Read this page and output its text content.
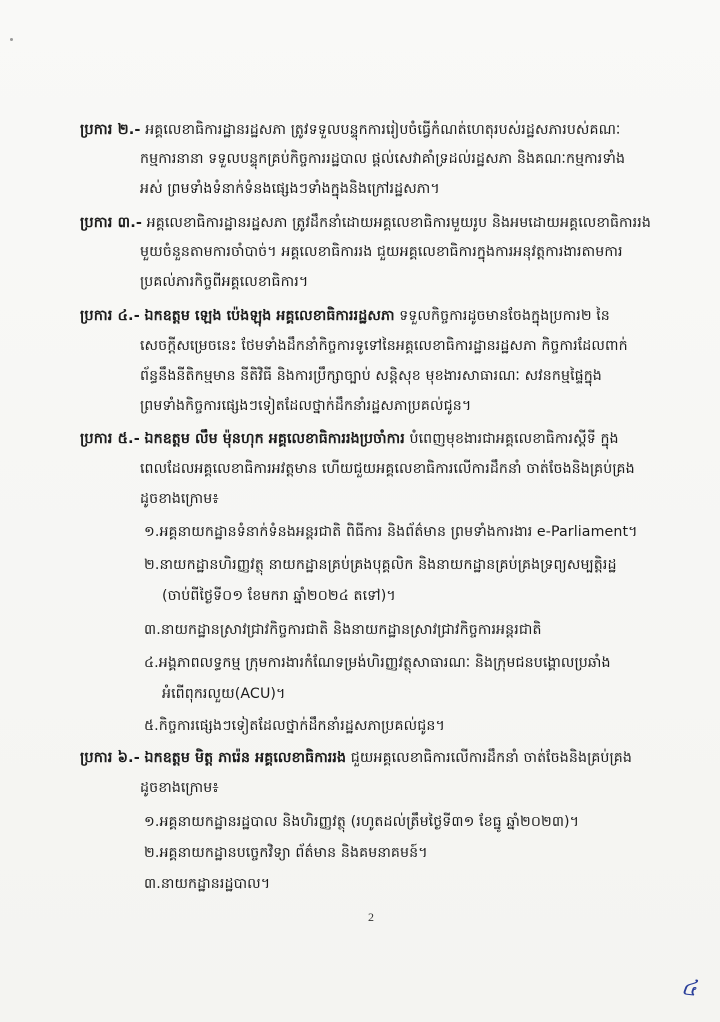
ប្រការ ២.- អគ្គលេខាធិការដ្ឋានរដ្ឋសភា ត្រូវទទួលបន្ទុកការរៀបចំធ្វើកំណត់ហេតុរបស់រដ្ឋសភារបស់គណៈ
កម្មការនានា ទទួលបន្ទុកគ្រប់កិច្ចការរដ្ឋបាល ផ្តល់សេវាគាំទ្រដល់រដ្ឋសភា និងគណៈកម្មការទាំង
អស់ ព្រមទាំងទំនាក់ទំនងផ្សេងៗទាំងក្នុងនិងក្រៅរដ្ឋសភា។
ប្រការ ៣.- អគ្គលេខាធិការដ្ឋានរដ្ឋសភា ត្រូវដឹកនាំដោយអគ្គលេខាធិការមួយរូប និងអមដោយអគ្គលេខាធិការរង
មួយចំនួនតាមការចាំបាច់។ អគ្គលេខាធិការរង ជួយអគ្គលេខាធិការក្នុងការអនុវត្តការងារតាមការ
ប្រគល់ភារកិច្ចពីអគ្គលេខាធិការ។
ប្រការ ៤.- ឯកឧត្តម ឡេង ប៉េងឡុង អគ្គលេខាធិការរដ្ឋសភា ទទួលកិច្ចការដូចមានចែងក្នុងប្រការ២ នៃ
សេចក្តីសម្រេចនេះ ថែមទាំងដឹកនាំកិច្ចការទូទៅនៃអគ្គលេខាធិការដ្ឋានរដ្ឋសភា កិច្ចការដែលពាក់
ព័ន្ធនឹងនីតិកម្មមាន នីតិវិធី និងការប្រឹក្សាច្បាប់ សន្តិសុខ មុខងារសាធារណៈ សវនកម្មផ្ទៃក្នុង
ព្រមទាំងកិច្ចការផ្សេងៗទៀតដែលថ្នាក់ដឹកនាំរដ្ឋសភាប្រគល់ជូន។
ប្រការ ៥.- ឯកឧត្តម លឹម ម៉ុនហុក អគ្គលេខាធិការរងប្រចាំការ បំពេញមុខងារជាអគ្គលេខាធិការស្តីទី ក្នុង
ពេលដែលអគ្គលេខាធិការអវត្តមាន ហើយជួយអគ្គលេខាធិការលើការដឹកនាំ ចាត់ចែងនិងគ្រប់គ្រង
ដូចខាងក្រោម៖
១.អគ្គនាយកដ្ឋានទំនាក់ទំនងអន្តរជាតិ ពិធីការ និងព័ត៌មាន ព្រមទាំងការងារ e-Parliament។
២.នាយកដ្ឋានហិរញ្ញវត្ថុ នាយកដ្ឋានគ្រប់គ្រងបុគ្គលិក និងនាយកដ្ឋានគ្រប់គ្រងទ្រព្យសម្បត្តិរដ្ឋ
(ចាប់ពីថ្ងៃទី០១ ខែមករា ឆ្នាំ២០២៤ តទៅ)។
៣.នាយកដ្ឋានស្រាវជ្រាវកិច្ចការជាតិ និងនាយកដ្ឋានស្រាវជ្រាវកិច្ចការអន្តរជាតិ
៤.អង្គភាពលទ្ធកម្ម ក្រុមការងារកំណែទម្រង់ហិរញ្ញវត្ថុសាធារណៈ និងក្រុមជនបង្គោលប្រឆាំង
អំពើពុករលួយ(ACU)។
៥.កិច្ចការផ្សេងៗទៀតដែលថ្នាក់ដឹកនាំរដ្ឋសភាប្រគល់ជូន។
ប្រការ ៦.- ឯកឧត្តម មិត្ត ភារ៉េន អគ្គលេខាធិការរង ជួយអគ្គលេខាធិការលើការដឹកនាំ ចាត់ចែងនិងគ្រប់គ្រង
ដូចខាងក្រោម៖
១.អគ្គនាយកដ្ឋានរដ្ឋបាល និងហិរញ្ញវត្ថុ (រហូតដល់ត្រឹមថ្ងៃទី៣១ ខែធ្នូ ឆ្នាំ២០២៣)។
២.អគ្គនាយកដ្ឋានបច្ចេកវិទ្យា ព័ត៌មាន និងគមនាគមន៍។
៣.នាយកដ្ឋានរដ្ឋបាល។
2
៤
